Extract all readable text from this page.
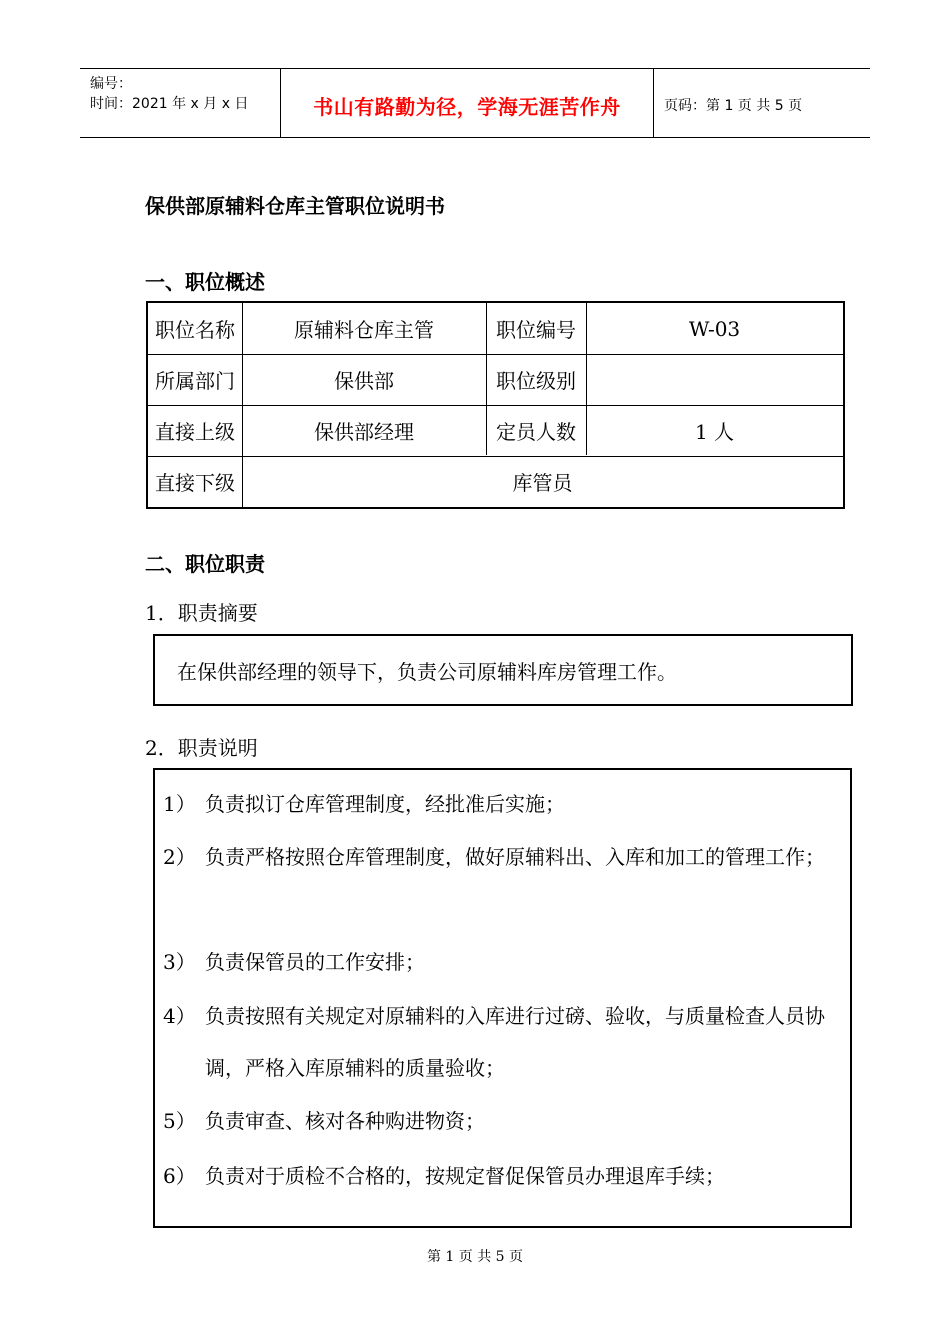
编号：
时间：2021 年 x 月 x 日	书山有路勤为径，学海无涯苦作舟	页码：第 1 页 共 5 页
保供部原辅料仓库主管职位说明书
一、职位概述
职位名称	原辅料仓库主管	职位编号	W-03
所属部门	保供部	职位级别
直接上级	保供部经理	定员人数	1 人
直接下级	库管员
二、职位职责
1．职责摘要
在保供部经理的领导下，负责公司原辅料库房管理工作。
2．职责说明
1） 负责拟订仓库管理制度，经批准后实施；
2） 负责严格按照仓库管理制度，做好原辅料出、入库和加工的管理工作；
3） 负责保管员的工作安排；
4） 负责按照有关规定对原辅料的入库进行过磅、验收，与质量检查人员协调，严格入库原辅料的质量验收；
5） 负责审查、核对各种购进物资；
6） 负责对于质检不合格的，按规定督促保管员办理退库手续；
第 1 页 共 5 页
